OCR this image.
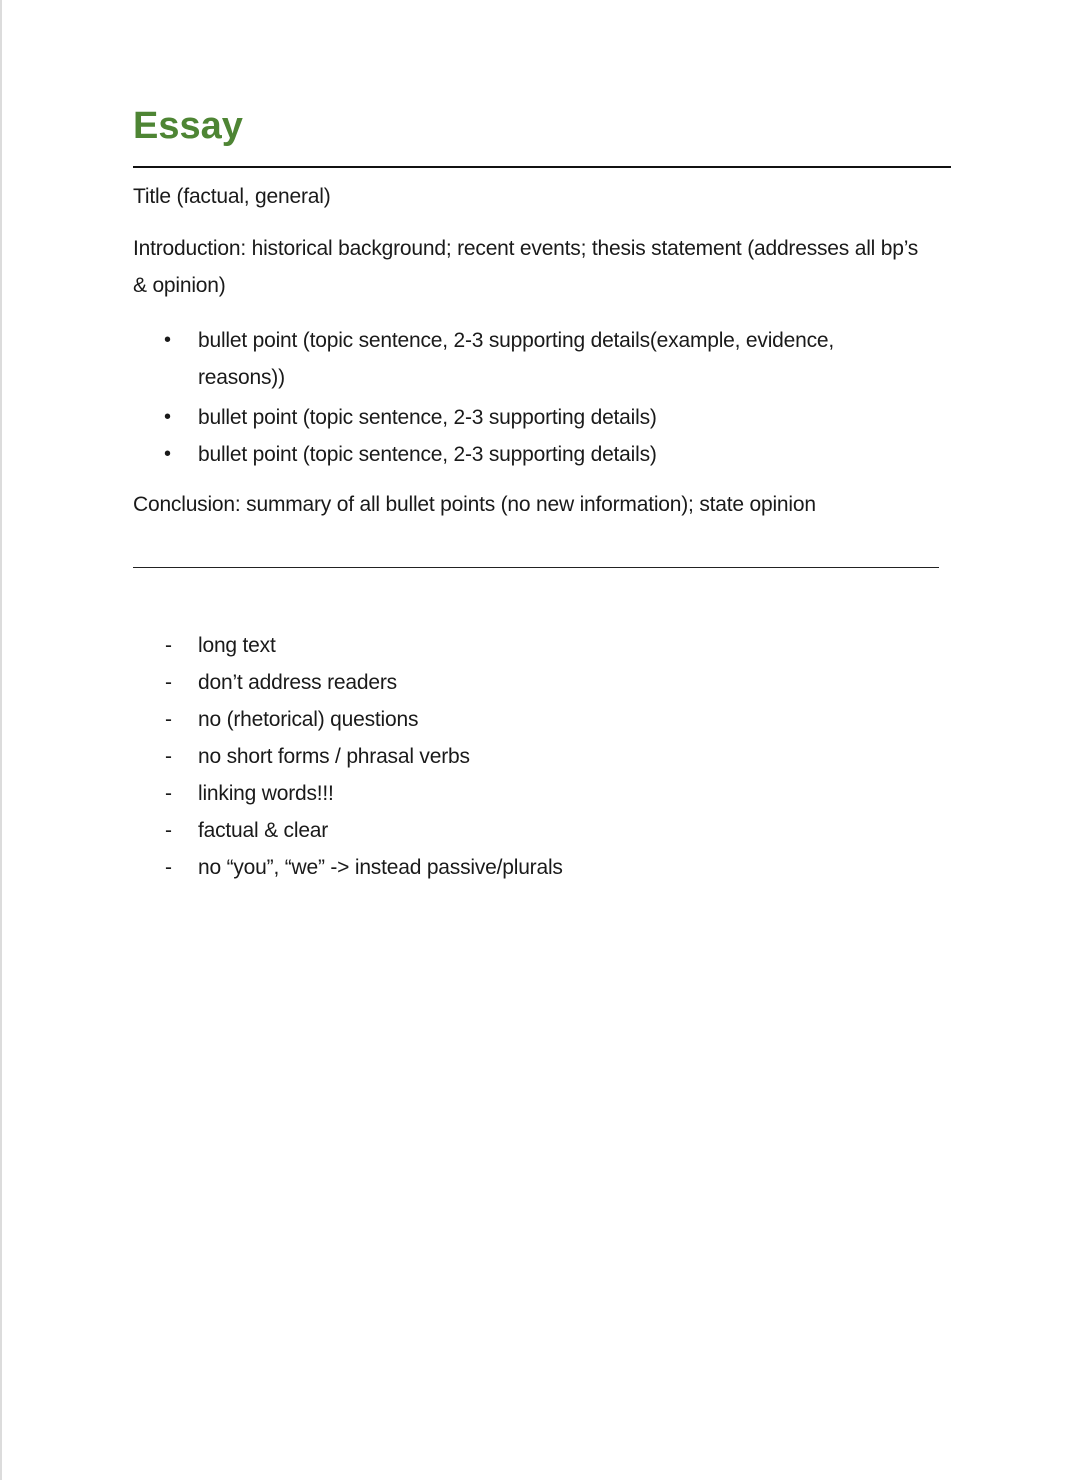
Essay

Title (factual, general)

Introduction: historical background; recent events; thesis statement (addresses all bp’s & opinion)

• bullet point (topic sentence, 2-3 supporting details(example, evidence, reasons))
• bullet point (topic sentence, 2-3 supporting details)
• bullet point (topic sentence, 2-3 supporting details)

Conclusion: summary of all bullet points (no new information); state opinion

- long text
- don’t address readers
- no (rhetorical) questions
- no short forms / phrasal verbs
- linking words!!!
- factual & clear
- no “you”, “we” -> instead passive/plurals
